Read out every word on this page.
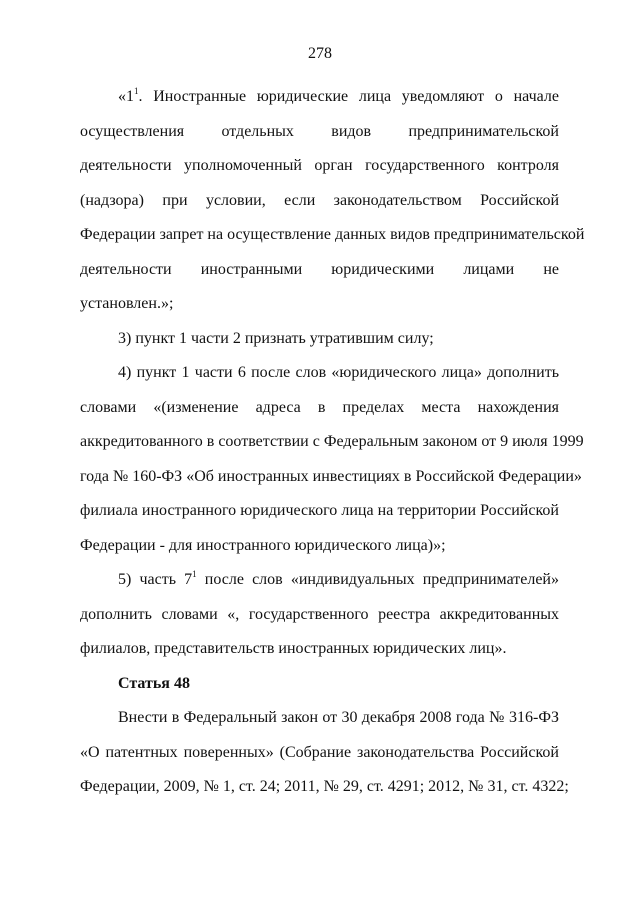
278
«$1^1$. Иностранные юридические лица уведомляют о начале
осуществления отдельных видов предпринимательской
деятельности уполномоченный орган государственного контроля
(надзора) при условии, если законодательством Российской
Федерации запрет на осуществление данных видов предпринимательской
деятельности иностранными юридическими лицами не
установлен.»;
3) пункт 1 части 2 признать утратившим силу;
4) пункт 1 части 6 после слов «юридического лица» дополнить
словами «(изменение адреса в пределах места нахождения
аккредитованного в соответствии с Федеральным законом от 9 июля 1999
года № 160-ФЗ «Об иностранных инвестициях в Российской Федерации»
филиала иностранного юридического лица на территории Российской
Федерации - для иностранного юридического лица)»;
5) часть $7^1$ после слов «индивидуальных предпринимателей»
дополнить словами «, государственного реестра аккредитованных
филиалов, представительств иностранных юридических лиц».
Статья 48
Внести в Федеральный закон от 30 декабря 2008 года № 316-ФЗ
«О патентных поверенных» (Собрание законодательства Российской
Федерации, 2009, № 1, ст. 24; 2011, № 29, ст. 4291; 2012, № 31, ст. 4322;
